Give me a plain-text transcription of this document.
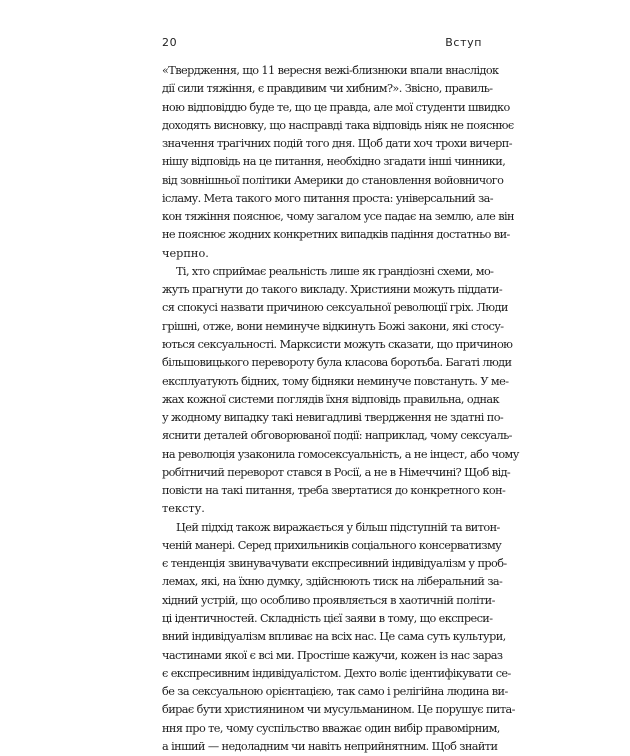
20	Вступ
«Твердження, що 11 вересня вежі-близнюки впали внаслідок
дії сили тяжіння, є правдивим чи хибним?». Звісно, правиль-
ною відповіддю буде те, що це правда, але мої студенти швидко
доходять висновку, що насправді така відповідь ніяк не пояснює
значення трагічних подій того дня. Щоб дати хоч трохи вичерп-
нішу відповідь на це питання, необхідно згадати інші чинники,
від зовнішньої політики Америки до становлення войовничого
ісламу. Мета такого мого питання проста: універсальний за-
кон тяжіння пояснює, чому загалом усе падає на землю, але він
не пояснює жодних конкретних випадків падіння достатньо ви-
черпно.
Ті, хто сприймає реальність лише як грандіозні схеми, мо-
жуть прагнути до такого викладу. Християни можуть піддати-
ся спокусі назвати причиною сексуальної революції гріх. Люди
грішні, отже, вони неминуче відкинуть Божі закони, які стосу-
ються сексуальності. Марксисти можуть сказати, що причиною
більшовицького перевороту була класова боротьба. Багаті люди
експлуатують бідних, тому бідняки неминуче повстануть. У ме-
жах кожної системи поглядів їхня відповідь правильна, однак
у жодному випадку такі невигадливі твердження не здатні по-
яснити деталей обговорюваної події: наприклад, чому сексуаль-
на революція узаконила гомосексуальність, а не інцест, або чому
робітничий переворот стався в Росії, а не в Німеччині? Щоб від-
повісти на такі питання, треба звертатися до конкретного кон-
тексту.
Цей підхід також виражається у більш підступній та витон-
ченій манері. Серед прихильників соціального консерватизму
є тенденція звинувачувати експресивний індивідуалізм у проб-
лемах, які, на їхню думку, здійснюють тиск на ліберальний за-
хідний устрій, що особливо проявляється в хаотичній політи-
ці ідентичностей. Складність цієї заяви в тому, що експреси-
вний індивідуалізм впливає на всіх нас. Це сама суть культури,
частинами якої є всі ми. Простіше кажучи, кожен із нас зараз
є експресивним індивідуалістом. Дехто воліє ідентифікувати се-
бе за сексуальною орієнтацією, так само і релігійна людина ви-
бирає бути християнином чи мусульманином. Це порушує пита-
ння про те, чому суспільство вважає один вибір правомірним,
а інший — недоладним чи навіть неприйнятним. Щоб знайти
